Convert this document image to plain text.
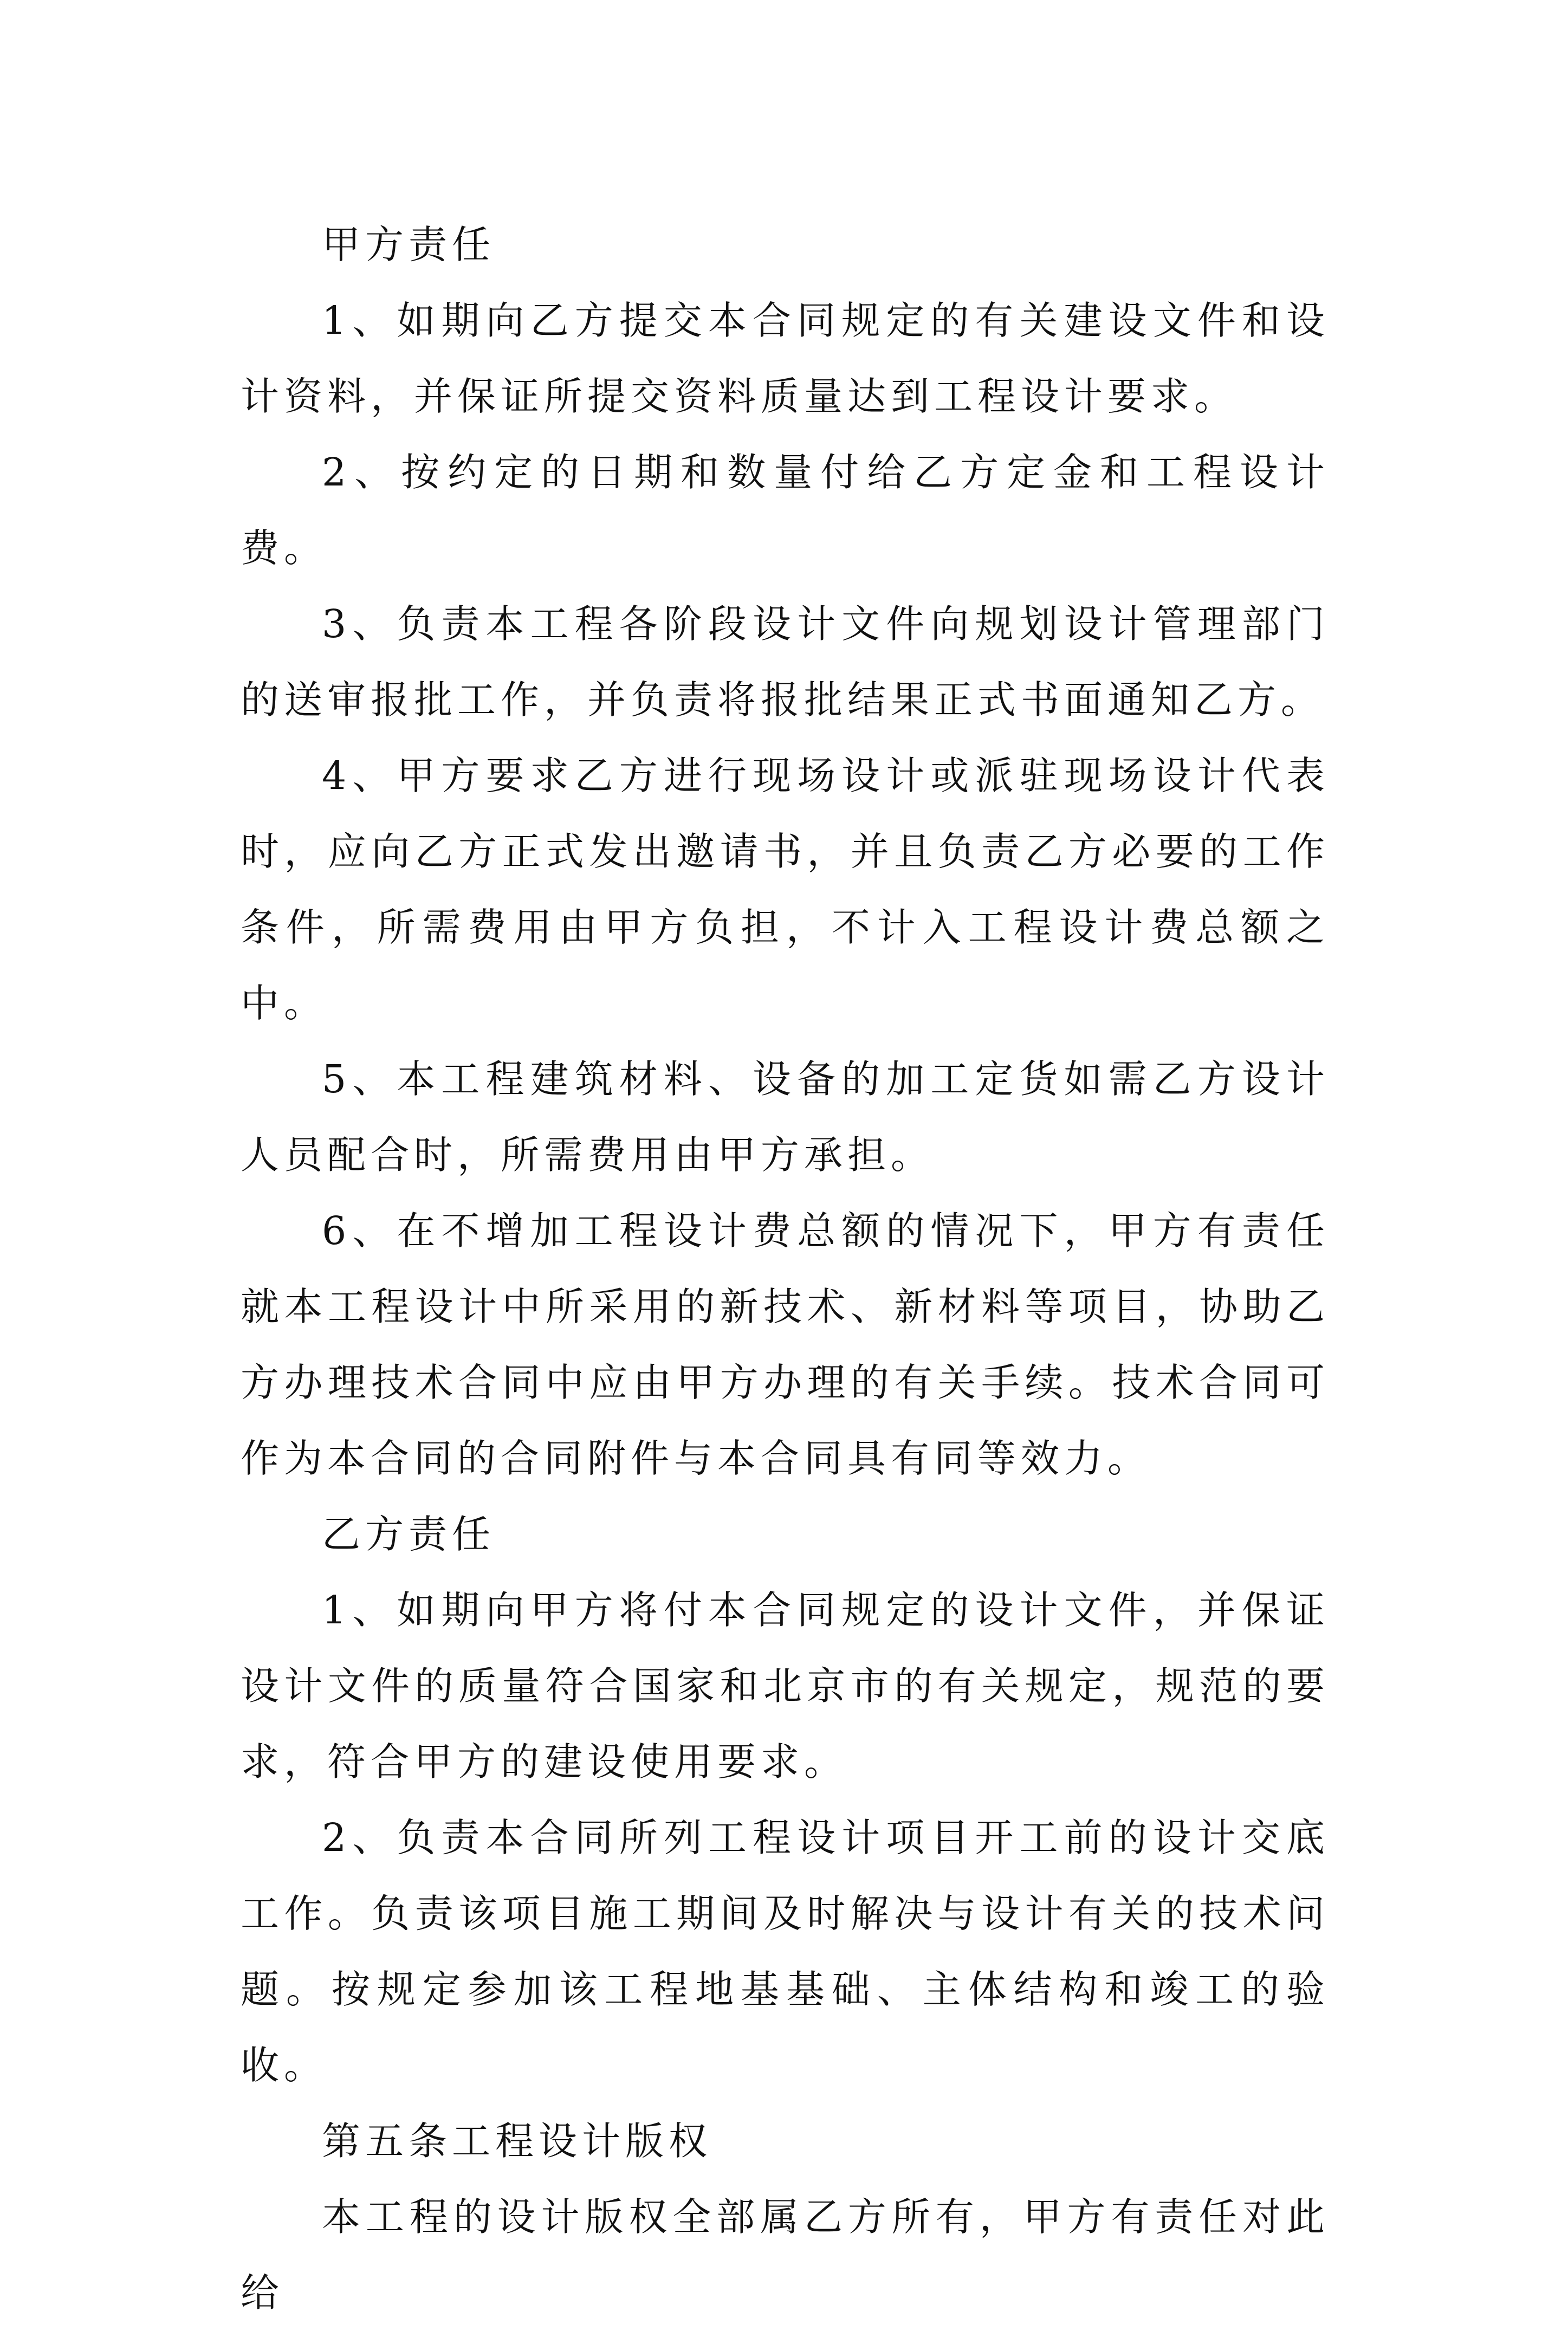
甲方责任

1、如期向乙方提交本合同规定的有关建设文件和设计资料，并保证所提交资料质量达到工程设计要求。

2、按约定的日期和数量付给乙方定金和工程设计费。

3、负责本工程各阶段设计文件向规划设计管理部门的送审报批工作，并负责将报批结果正式书面通知乙方。

4、甲方要求乙方进行现场设计或派驻现场设计代表时，应向乙方正式发出邀请书，并且负责乙方必要的工作条件，所需费用由甲方负担，不计入工程设计费总额之中。

5、本工程建筑材料、设备的加工定货如需乙方设计人员配合时，所需费用由甲方承担。

6、在不增加工程设计费总额的情况下，甲方有责任就本工程设计中所采用的新技术、新材料等项目，协助乙方办理技术合同中应由甲方办理的有关手续。技术合同可作为本合同的合同附件与本合同具有同等效力。

乙方责任

1、如期向甲方将付本合同规定的设计文件，并保证设计文件的质量符合国家和北京市的有关规定，规范的要求，符合甲方的建设使用要求。

2、负责本合同所列工程设计项目开工前的设计交底工作。负责该项目施工期间及时解决与设计有关的技术问题。按规定参加该工程地基基础、主体结构和竣工的验收。

第五条工程设计版权

本工程的设计版权全部属乙方所有，甲方有责任对此给
